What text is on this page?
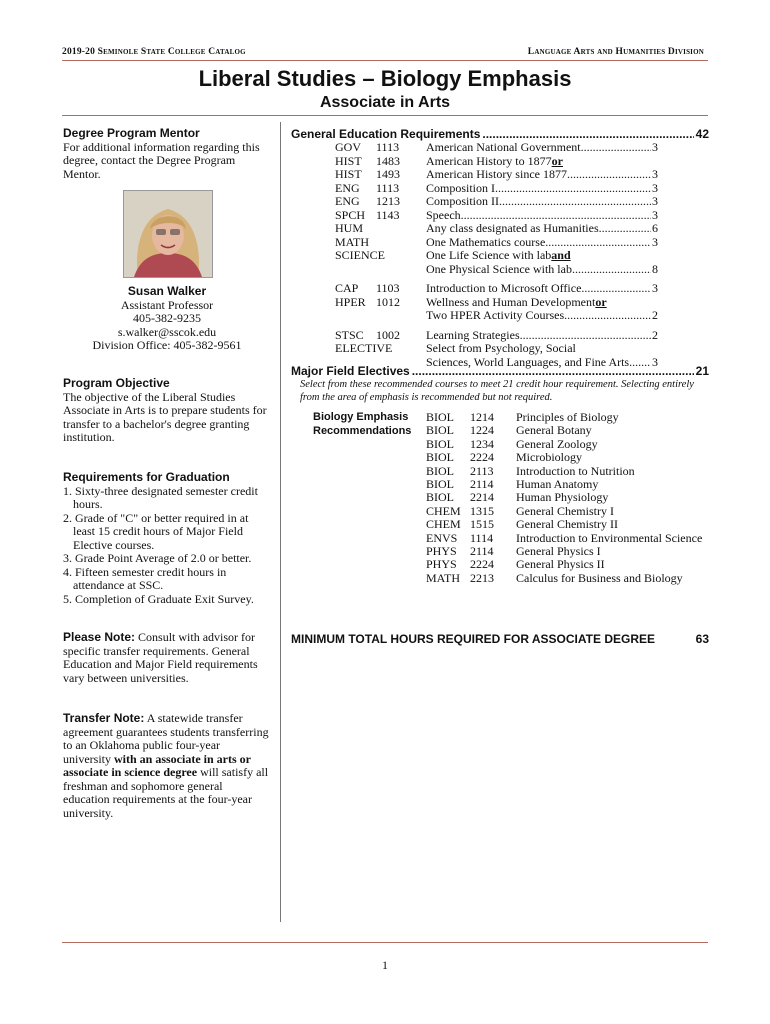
2019-20 Seminole State College Catalog	Language Arts and Humanities Division
Liberal Studies – Biology Emphasis
Associate in Arts
Degree Program Mentor
For additional information regarding this degree, contact the Degree Program Mentor.
Susan Walker
Assistant Professor
405-382-9235
s.walker@sscok.edu
Division Office: 405-382-9561
Program Objective
The objective of the Liberal Studies Associate in Arts is to prepare students for transfer to a bachelor's degree granting institution.
Requirements for Graduation
1. Sixty-three designated semester credit hours.
2. Grade of "C" or better required in at least 15 credit hours of Major Field Elective courses.
3. Grade Point Average of 2.0 or better.
4. Fifteen semester credit hours in attendance at SSC.
5. Completion of Graduate Exit Survey.
Please Note: Consult with advisor for specific transfer requirements. General Education and Major Field requirements vary between universities.
Transfer Note: A statewide transfer agreement guarantees students transferring to an Oklahoma public four-year university with an associate in arts or associate in science degree will satisfy all freshman and sophomore general education requirements at the four-year university.
General Education Requirements .....	42
GOV 1113 American National Government .....	3
HIST 1483 American History to 1877 or
HIST 1493 American History since 1877 .....	3
ENG 1113 Composition I .....	3
ENG 1213 Composition II .....	3
SPCH 1143 Speech .....	3
HUM	Any class designated as Humanities .....	6
MATH	One Mathematics course .....	3
SCIENCE	One Life Science with lab and
One Physical Science with lab .....	8
CAP 1103 Introduction to Microsoft Office .....	3
HPER 1012 Wellness and Human Development or
Two HPER Activity Courses .....	2
STSC 1002 Learning Strategies .....	2
ELECTIVE	Select from Psychology, Social
Sciences, World Languages, and Fine Arts ..... 3
Major Field Electives .....	21
Select from these recommended courses to meet 21 credit hour requirement. Selecting entirely from the area of emphasis is recommended but not required.
Biology Emphasis
Recommendations
BIOL 1214 Principles of Biology
BIOL 1224 General Botany
BIOL 1234 General Zoology
BIOL 2224 Microbiology
BIOL 2113 Introduction to Nutrition
BIOL 2114 Human Anatomy
BIOL 2214 Human Physiology
CHEM 1315 General Chemistry I
CHEM 1515 General Chemistry II
ENVS 1114 Introduction to Environmental Science
PHYS 2114 General Physics I
PHYS 2224 General Physics II
MATH 2213 Calculus for Business and Biology
MINIMUM TOTAL HOURS REQUIRED FOR ASSOCIATE DEGREE	63
1
